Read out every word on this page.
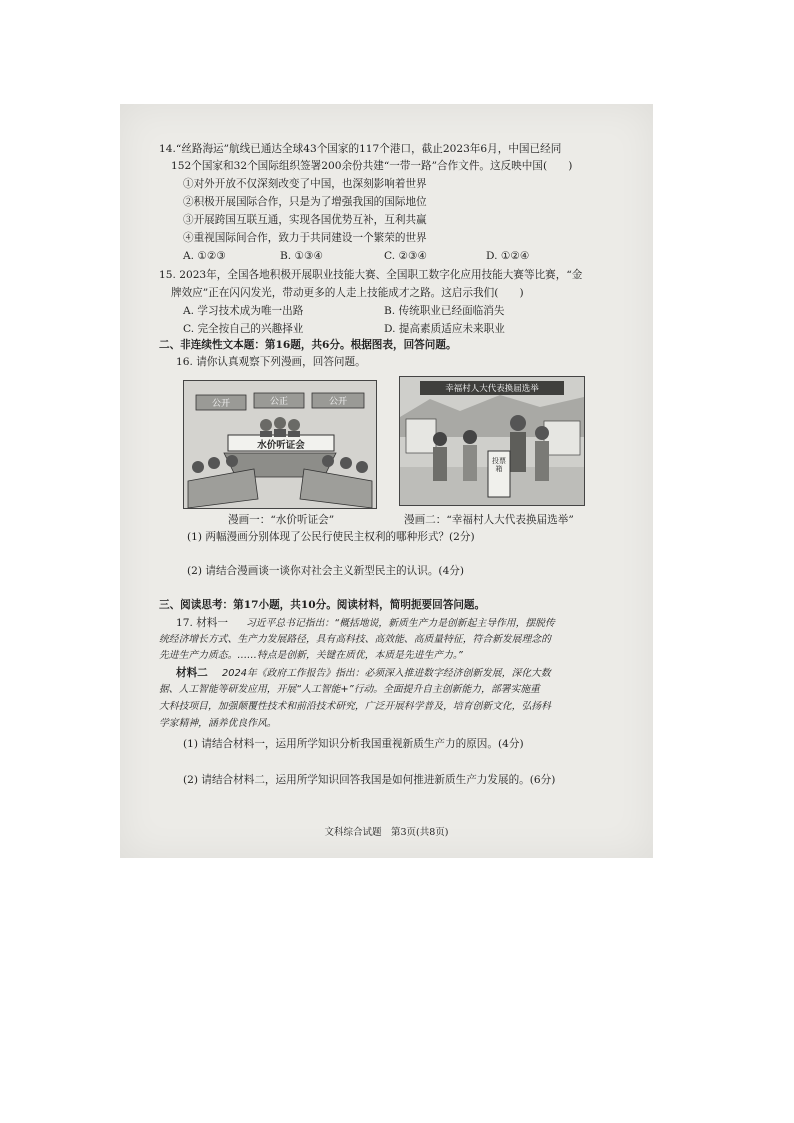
14.“丝路海运”航线已通达全球43个国家的117个港口，截止2023年6月，中国已经同
152个国家和32个国际组织签署200余份共建“一带一路”合作文件。这反映中国(　　)
①对外开放不仅深刻改变了中国，也深刻影响着世界
②积极开展国际合作，只是为了增强我国的国际地位
③开展跨国互联互通，实现各国优势互补，互利共赢
④重视国际间合作，致力于共同建设一个繁荣的世界
A. ①②③	B. ①③④	C. ②③④	D. ①②④
15. 2023年，全国各地积极开展职业技能大赛、全国职工数字化应用技能大赛等比赛，“金
牌效应”正在闪闪发光，带动更多的人走上技能成才之路。这启示我们(　　)
A. 学习技术成为唯一出路	B. 传统职业已经面临消失
C. 完全按自己的兴趣择业	D. 提高素质适应未来职业
二、非连续性文本题：第16题，共6分。根据图表，回答问题。
16. 请你认真观察下列漫画，回答问题。
公开	公正	公开
水价听证会
幸福村人大代表换届选举
投票箱
漫画一：“水价听证会”	漫画二：“幸福村人大代表换届选举”
(1) 两幅漫画分别体现了公民行使民主权利的哪种形式？(2分)
(2) 请结合漫画谈一谈你对社会主义新型民主的认识。(4分)
三、阅读思考：第17小题，共10分。阅读材料，简明扼要回答问题。
17. 材料一 习近平总书记指出：“概括地说，新质生产力是创新起主导作用，摆脱传
统经济增长方式、生产力发展路径，具有高科技、高效能、高质量特征，符合新发展理念的
先进生产力质态。……特点是创新，关键在质优，本质是先进生产力。”
材料二 2024年《政府工作报告》指出：必须深入推进数字经济创新发展，深化大数
据、人工智能等研发应用，开展“人工智能+”行动。全面提升自主创新能力，部署实施重
大科技项目，加强颠覆性技术和前沿技术研究，广泛开展科学普及，培育创新文化，弘扬科
学家精神，涵养优良作风。
(1) 请结合材料一，运用所学知识分析我国重视新质生产力的原因。(4分)
(2) 请结合材料二，运用所学知识回答我国是如何推进新质生产力发展的。(6分)
文科综合试题　第3页(共8页)
